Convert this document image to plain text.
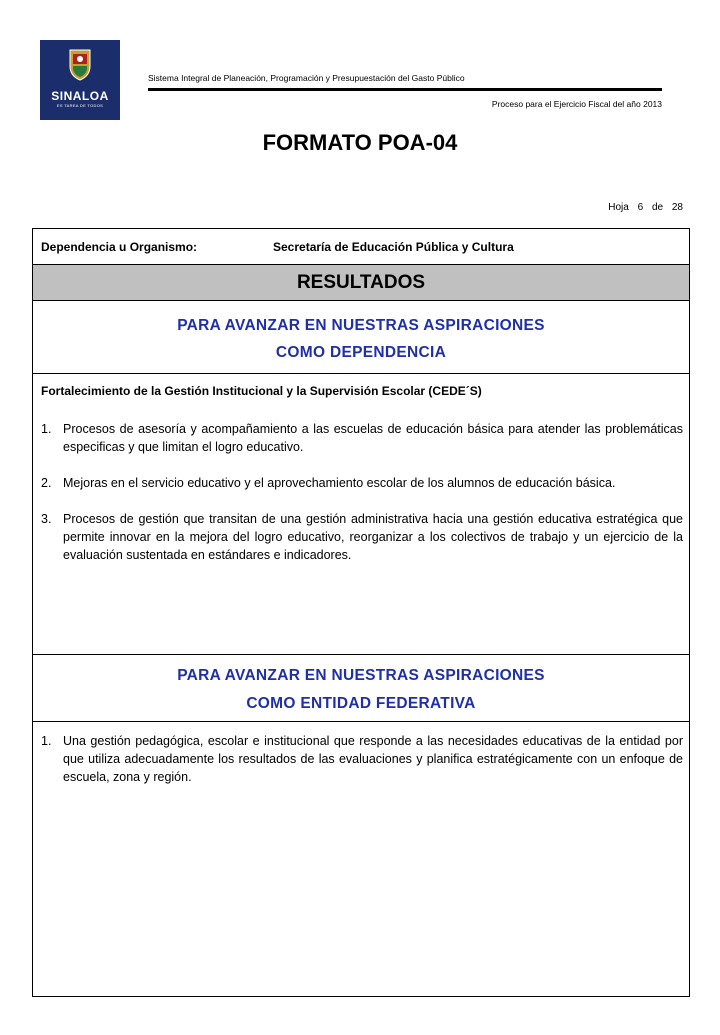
SINALOA
ES TAREA DE TODOS
Sistema Integral de Planeación, Programación y Presupuestación del Gasto Público
Proceso para el Ejercicio Fiscal del año 2013
FORMATO POA-04
Hoja 6 de 28
Dependencia u Organismo:	Secretaría de Educación Pública y Cultura
RESULTADOS
PARA AVANZAR EN NUESTRAS ASPIRACIONES
COMO DEPENDENCIA
Fortalecimiento de la Gestión Institucional y la Supervisión Escolar (CEDE´S)
1. Procesos de asesoría y acompañamiento a las escuelas de educación básica para atender las problemáticas especificas y que limitan el logro educativo.
2. Mejoras en el servicio educativo y el aprovechamiento escolar de los alumnos de educación básica.
3. Procesos de gestión que transitan de una gestión administrativa hacia una gestión educativa estratégica que permite innovar en la mejora del logro educativo, reorganizar a los colectivos de trabajo y un ejercicio de la evaluación sustentada en estándares e indicadores.
PARA AVANZAR EN NUESTRAS ASPIRACIONES
COMO ENTIDAD FEDERATIVA
1. Una gestión pedagógica, escolar e institucional que responde a las necesidades educativas de la entidad por que utiliza adecuadamente los resultados de las evaluaciones y planifica estratégicamente con un enfoque de escuela, zona y región.
